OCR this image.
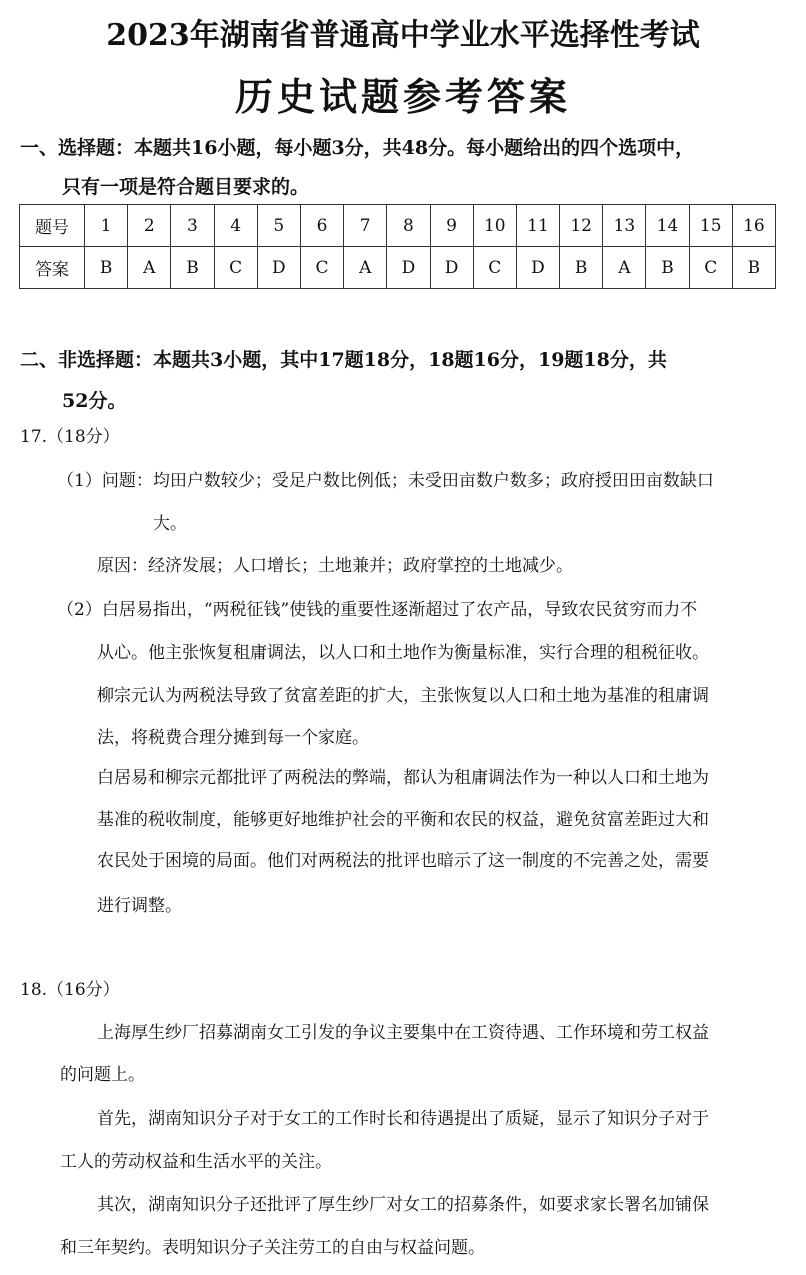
2023年湖南省普通高中学业水平选择性考试
历史试题参考答案
一、选择题：本题共16小题，每小题3分，共48分。每小题给出的四个选项中，
只有一项是符合题目要求的。
题号	1	2	3	4	5	6	7	8	9	10	11	12	13	14	15	16
答案	B	A	B	C	D	C	A	D	D	C	D	B	A	B	C	B
二、非选择题：本题共3小题，其中17题18分，18题16分，19题18分，共
52分。
17.（18分）
（1）问题：均田户数较少；受足户数比例低；未受田亩数户数多；政府授田田亩数缺口
大。
原因：经济发展；人口增长；土地兼并；政府掌控的土地减少。
（2）白居易指出，“两税征钱”使钱的重要性逐渐超过了农产品，导致农民贫穷而力不
从心。他主张恢复租庸调法，以人口和土地作为衡量标准，实行合理的租税征收。
柳宗元认为两税法导致了贫富差距的扩大，主张恢复以人口和土地为基准的租庸调
法，将税费合理分摊到每一个家庭。
白居易和柳宗元都批评了两税法的弊端，都认为租庸调法作为一种以人口和土地为
基准的税收制度，能够更好地维护社会的平衡和农民的权益，避免贫富差距过大和
农民处于困境的局面。他们对两税法的批评也暗示了这一制度的不完善之处，需要
进行调整。
18.（16分）
上海厚生纱厂招募湖南女工引发的争议主要集中在工资待遇、工作环境和劳工权益
的问题上。
首先，湖南知识分子对于女工的工作时长和待遇提出了质疑，显示了知识分子对于
工人的劳动权益和生活水平的关注。
其次，湖南知识分子还批评了厚生纱厂对女工的招募条件，如要求家长署名加铺保
和三年契约。表明知识分子关注劳工的自由与权益问题。
